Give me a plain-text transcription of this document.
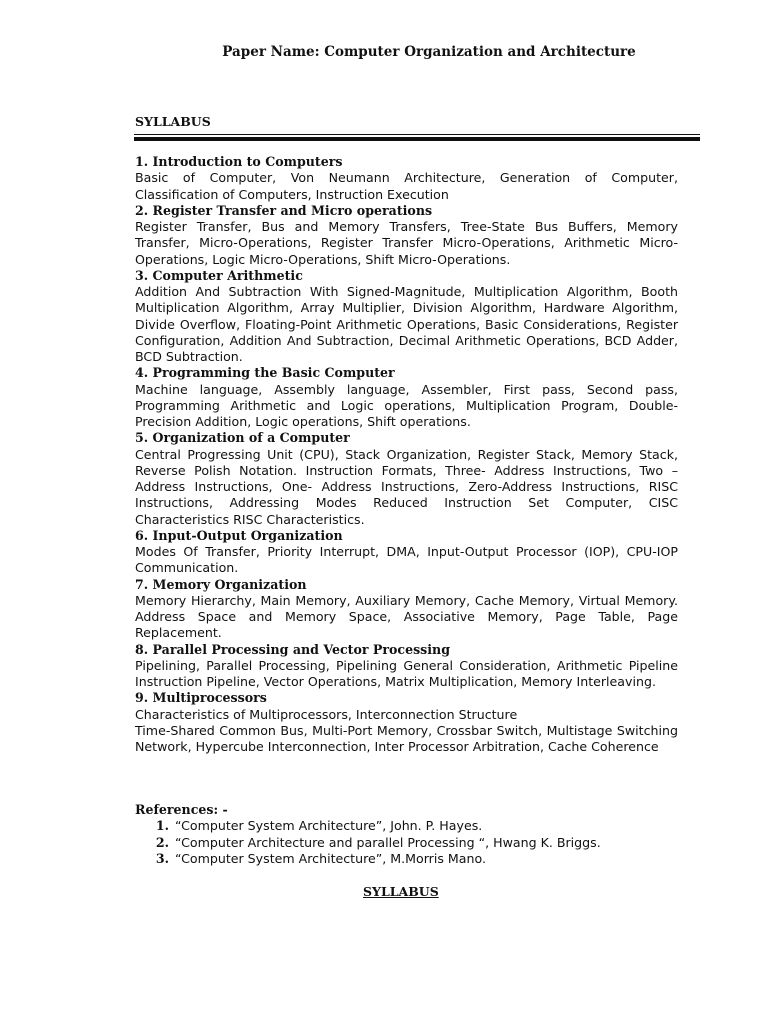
Paper Name: Computer Organization and Architecture
SYLLABUS

1. Introduction to Computers

Basic of Computer, Von Neumann Architecture, Generation of Computer, Classification of Computers, Instruction Execution

2. Register Transfer and Micro operations

Register Transfer, Bus and Memory Transfers, Tree-State Bus Buffers, Memory Transfer, Micro-Operations, Register Transfer Micro-Operations, Arithmetic Micro-Operations, Logic Micro-Operations, Shift Micro-Operations.

3. Computer Arithmetic

Addition And Subtraction With Signed-Magnitude, Multiplication Algorithm, Booth Multiplication Algorithm, Array Multiplier, Division Algorithm, Hardware Algorithm, Divide Overflow, Floating-Point Arithmetic Operations, Basic Considerations, Register Configuration, Addition And Subtraction, Decimal Arithmetic Operations, BCD Adder, BCD Subtraction.

4. Programming the Basic Computer

Machine language, Assembly language, Assembler, First pass, Second pass, Programming Arithmetic and Logic operations, Multiplication Program, Double-Precision Addition, Logic operations, Shift operations.

5. Organization of a Computer

Central Progressing Unit (CPU), Stack Organization, Register Stack, Memory Stack, Reverse Polish Notation. Instruction Formats, Three- Address Instructions, Two – Address Instructions, One- Address Instructions, Zero-Address Instructions, RISC Instructions, Addressing Modes Reduced Instruction Set Computer, CISC Characteristics RISC Characteristics.

6. Input-Output Organization

Modes Of Transfer, Priority Interrupt, DMA, Input-Output Processor (IOP), CPU-IOP Communication.

7. Memory Organization

Memory Hierarchy, Main Memory, Auxiliary Memory, Cache Memory, Virtual Memory. Address Space and Memory Space, Associative Memory, Page Table, Page Replacement.

8. Parallel Processing and Vector Processing

Pipelining, Parallel Processing, Pipelining General Consideration, Arithmetic Pipeline Instruction Pipeline, Vector Operations, Matrix Multiplication, Memory Interleaving.

9. Multiprocessors

Characteristics of Multiprocessors, Interconnection Structure

Time-Shared Common Bus, Multi-Port Memory, Crossbar Switch, Multistage Switching Network, Hypercube Interconnection, Inter Processor Arbitration, Cache Coherence

References: -

1. “Computer System Architecture”, John. P. Hayes.

2. “Computer Architecture and parallel Processing “, Hwang K. Briggs.

3. “Computer System Architecture”, M.Morris Mano.

SYLLABUS
